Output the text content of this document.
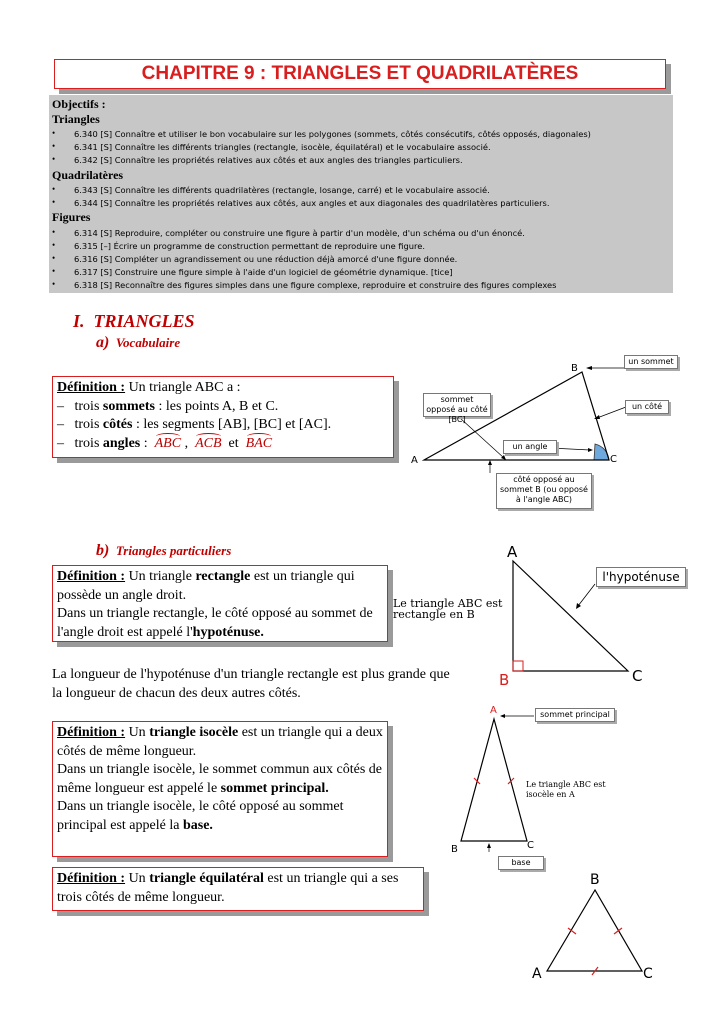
CHAPITRE 9 : TRIANGLES ET QUADRILATÈRES
Objectifs :
Triangles
• 6.340 [S] Connaître et utiliser le bon vocabulaire sur les polygones (sommets, côtés consécutifs, côtés opposés, diagonales)
• 6.341 [S] Connaître les différents triangles (rectangle, isocèle, équilatéral) et le vocabulaire associé.
• 6.342 [S] Connaître les propriétés relatives aux côtés et aux angles des triangles particuliers.
Quadrilatères
• 6.343 [S] Connaître les différents quadrilatères (rectangle, losange, carré) et le vocabulaire associé.
• 6.344 [S] Connaître les propriétés relatives aux côtés, aux angles et aux diagonales des quadrilatères particuliers.
Figures
• 6.314 [S] Reproduire, compléter ou construire une figure à partir d'un modèle, d'un schéma ou d'un énoncé.
• 6.315 [–] Écrire un programme de construction permettant de reproduire une figure.
• 6.316 [S] Compléter un agrandissement ou une réduction déjà amorcé d'une figure donnée.
• 6.317 [S] Construire une figure simple à l'aide d'un logiciel de géométrie dynamique. [tice]
• 6.318 [S] Reconnaître des figures simples dans une figure complexe, reproduire et construire des figures complexes
I. TRIANGLES
a) Vocabulaire
Définition : Un triangle ABC a :
– trois sommets : les points A, B et C.
– trois côtés : les segments [AB], [BC] et [AC].
– trois angles : ABC , ACB et BAC
A
B
C
un sommet
sommet opposé au côté [BC]
un côté
un angle
côté opposé au sommet B (ou opposé à l'angle ABC)
b) Triangles particuliers
Définition : Un triangle rectangle est un triangle qui possède un angle droit.
Dans un triangle rectangle, le côté opposé au sommet de l'angle droit est appelé l'hypoténuse.
A
B	C
l'hypoténuse
Le triangle ABC est rectangle en B
La longueur de l'hypoténuse d'un triangle rectangle est plus grande que la longueur de chacun des deux autres côtés.
Définition : Un triangle isocèle est un triangle qui a deux côtés de même longueur.
Dans un triangle isocèle, le sommet commun aux côtés de même longueur est appelé le sommet principal.
Dans un triangle isocèle, le côté opposé au sommet principal est appelé la base.
A
B	C
sommet principal
base
Le triangle ABC est isocèle en A
Définition : Un triangle équilatéral est un triangle qui a ses trois côtés de même longueur.
B
A	C
